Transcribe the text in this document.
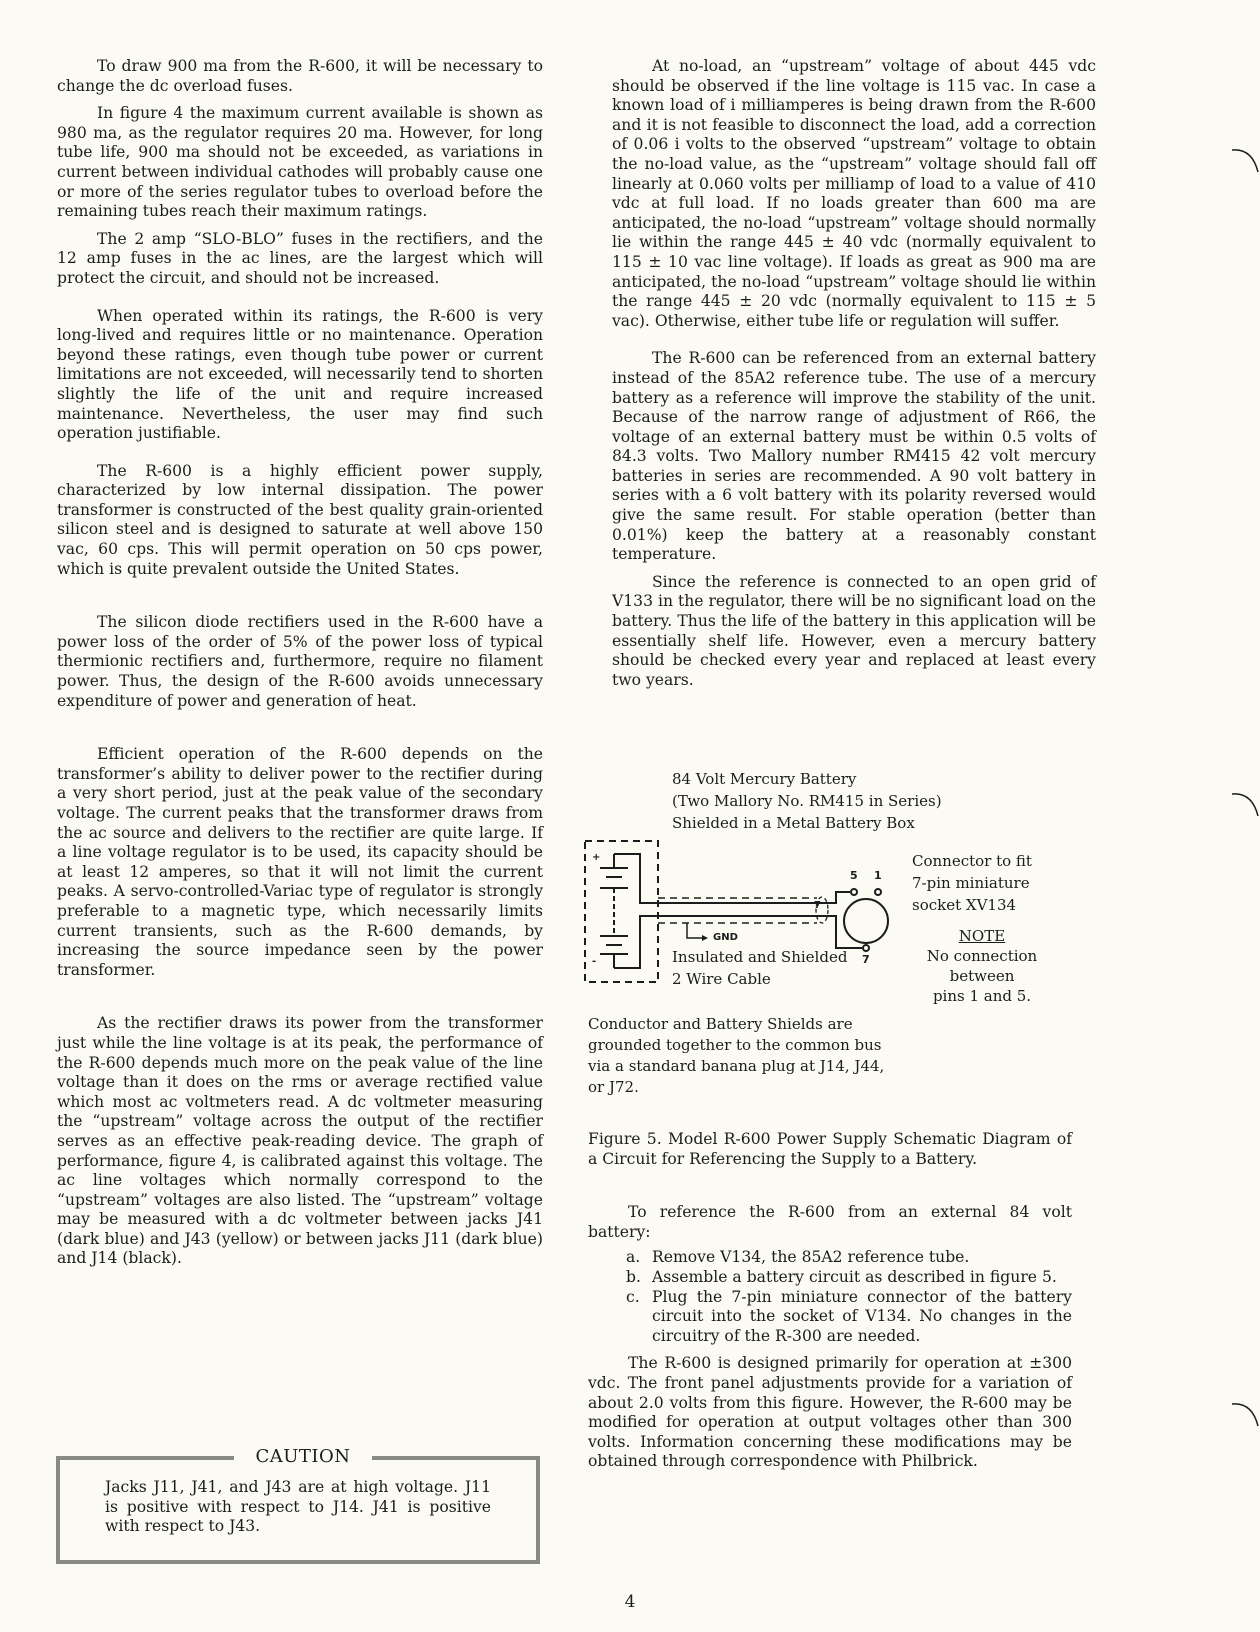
To draw 900 ma from the R-600, it will be necessary to change the dc overload fuses.

In figure 4 the maximum current available is shown as 980 ma, as the regulator requires 20 ma. However, for long tube life, 900 ma should not be exceeded, as variations in current between individual cathodes will probably cause one or more of the series regulator tubes to overload before the remaining tubes reach their maximum ratings.

The 2 amp “SLO-BLO” fuses in the rectifiers, and the 12 amp fuses in the ac lines, are the largest which will protect the circuit, and should not be increased.

When operated within its ratings, the R-600 is very long-lived and requires little or no maintenance. Operation beyond these ratings, even though tube power or current limitations are not exceeded, will necessarily tend to shorten slightly the life of the unit and require increased maintenance. Nevertheless, the user may find such operation justifiable.

The R-600 is a highly efficient power supply, characterized by low internal dissipation. The power transformer is constructed of the best quality grain-oriented silicon steel and is designed to saturate at well above 150 vac, 60 cps. This will permit operation on 50 cps power, which is quite prevalent outside the United States.

The silicon diode rectifiers used in the R-600 have a power loss of the order of 5% of the power loss of typical thermionic rectifiers and, furthermore, require no filament power. Thus, the design of the R-600 avoids unnecessary expenditure of power and generation of heat.

Efficient operation of the R-600 depends on the transformer’s ability to deliver power to the rectifier during a very short period, just at the peak value of the secondary voltage. The current peaks that the transformer draws from the ac source and delivers to the rectifier are quite large. If a line voltage regulator is to be used, its capacity should be at least 12 amperes, so that it will not limit the current peaks. A servo-controlled-Variac type of regulator is strongly preferable to a magnetic type, which necessarily limits current transients, such as the R-600 demands, by increasing the source impedance seen by the power transformer.

As the rectifier draws its power from the transformer just while the line voltage is at its peak, the performance of the R-600 depends much more on the peak value of the line voltage than it does on the rms or average rectified value which most ac voltmeters read. A dc voltmeter measuring the “upstream” voltage across the output of the rectifier serves as an effective peak-reading device. The graph of performance, figure 4, is calibrated against this voltage. The ac line voltages which normally correspond to the “upstream” voltages are also listed. The “upstream” voltage may be measured with a dc voltmeter between jacks J41 (dark blue) and J43 (yellow) or between jacks J11 (dark blue) and J14 (black).

CAUTION

Jacks J11, J41, and J43 are at high voltage. J11 is positive with respect to J14. J41 is positive with respect to J43.

At no-load, an “upstream” voltage of about 445 vdc should be observed if the line voltage is 115 vac. In case a known load of i milliamperes is being drawn from the R-600 and it is not feasible to disconnect the load, add a correction of 0.06 i volts to the observed “upstream” voltage to obtain the no-load value, as the “upstream” voltage should fall off linearly at 0.060 volts per milliamp of load to a value of 410 vdc at full load. If no loads greater than 600 ma are anticipated, the no-load “upstream” voltage should normally lie within the range 445 ± 40 vdc (normally equivalent to 115 ± 10 vac line voltage). If loads as great as 900 ma are anticipated, the no-load “upstream” voltage should lie within the range 445 ± 20 vdc (normally equivalent to 115 ± 5 vac). Otherwise, either tube life or regulation will suffer.

The R-600 can be referenced from an external battery instead of the 85A2 reference tube. The use of a mercury battery as a reference will improve the stability of the unit. Because of the narrow range of adjustment of R66, the voltage of an external battery must be within 0.5 volts of 84.3 volts. Two Mallory number RM415 42 volt mercury batteries in series are recommended. A 90 volt battery in series with a 6 volt battery with its polarity reversed would give the same result. For stable operation (better than 0.01%) keep the battery at a reasonably constant temperature.

Since the reference is connected to an open grid of V133 in the regulator, there will be no significant load on the battery. Thus the life of the battery in this application will be essentially shelf life. However, even a mercury battery should be checked every year and replaced at least every two years.

84 Volt Mercury Battery
(Two Mallory No. RM415 in Series)
Shielded in a Metal Battery Box
+
-
GND
7
5 1
7
Connector to fit
7-pin miniature
socket XV134
Insulated and Shielded
2 Wire Cable
NOTE
No connection
between
pins 1 and 5.
Conductor and Battery Shields are
grounded together to the common bus
via a standard banana plug at J14, J44,
or J72.

Figure 5. Model R-600 Power Supply Schematic Diagram of a Circuit for Referencing the Supply to a Battery.

To reference the R-600 from an external 84 volt battery:

a. Remove V134, the 85A2 reference tube.
b. Assemble a battery circuit as described in figure 5.
c. Plug the 7-pin miniature connector of the battery circuit into the socket of V134. No changes in the circuitry of the R-300 are needed.

The R-600 is designed primarily for operation at ±300 vdc. The front panel adjustments provide for a variation of about 2.0 volts from this figure. However, the R-600 may be modified for operation at output voltages other than 300 volts. Information concerning these modifications may be obtained through correspondence with Philbrick.

4
